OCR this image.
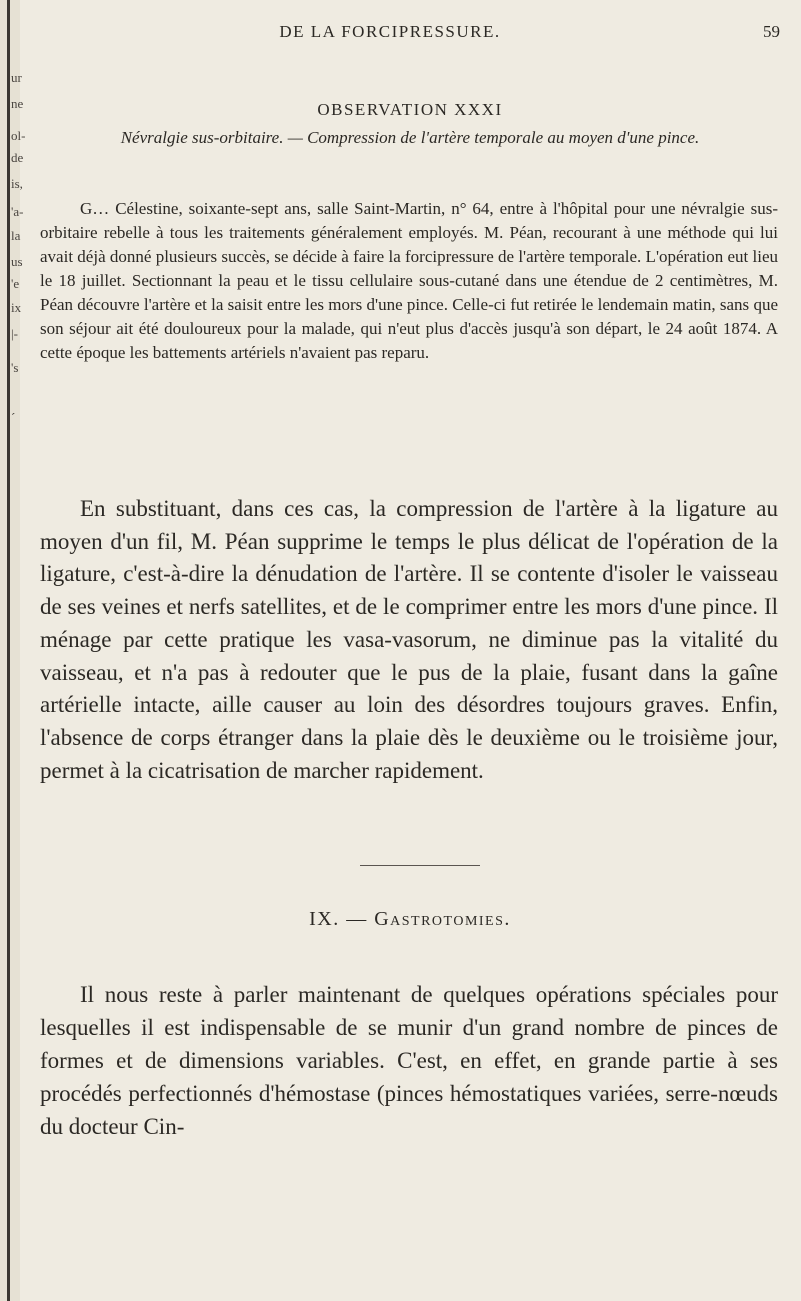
ur
ne
ol-
de
is,
'a-
la
us
'e
ix
|-
's
´
DE LA FORCIPRESSURE.	59
OBSERVATION XXXI
Névralgie sus-orbitaire. — Compression de l'artère temporale au moyen d'une pince.

G… Célestine, soixante-sept ans, salle Saint-Martin, n° 64, entre à l'hôpital pour une névralgie sus-orbitaire rebelle à tous les traitements généralement employés. M. Péan, recourant à une méthode qui lui avait déjà donné plusieurs succès, se décide à faire la forcipressure de l'artère temporale. L'opération eut lieu le 18 juillet. Sectionnant la peau et le tissu cellulaire sous-cutané dans une étendue de 2 centimètres, M. Péan découvre l'artère et la saisit entre les mors d'une pince. Celle-ci fut retirée le lendemain matin, sans que son séjour ait été douloureux pour la malade, qui n'eut plus d'accès jusqu'à son départ, le 24 août 1874. A cette époque les battements artériels n'avaient pas reparu.

En substituant, dans ces cas, la compression de l'artère à la ligature au moyen d'un fil, M. Péan supprime le temps le plus délicat de l'opération de la ligature, c'est-à-dire la dénudation de l'artère. Il se contente d'isoler le vaisseau de ses veines et nerfs satellites, et de le comprimer entre les mors d'une pince. Il ménage par cette pratique les vasa-vasorum, ne diminue pas la vitalité du vaisseau, et n'a pas à redouter que le pus de la plaie, fusant dans la gaîne artérielle intacte, aille causer au loin des désordres toujours graves. Enfin, l'absence de corps étranger dans la plaie dès le deuxième ou le troisième jour, permet à la cicatrisation de marcher rapidement.

IX. — Gastrotomies.

Il nous reste à parler maintenant de quelques opérations spéciales pour lesquelles il est indispensable de se munir d'un grand nombre de pinces de formes et de dimensions variables. C'est, en effet, en grande partie à ses procédés perfectionnés d'hémostase (pinces hémostatiques variées, serre-nœuds du docteur Cin-
